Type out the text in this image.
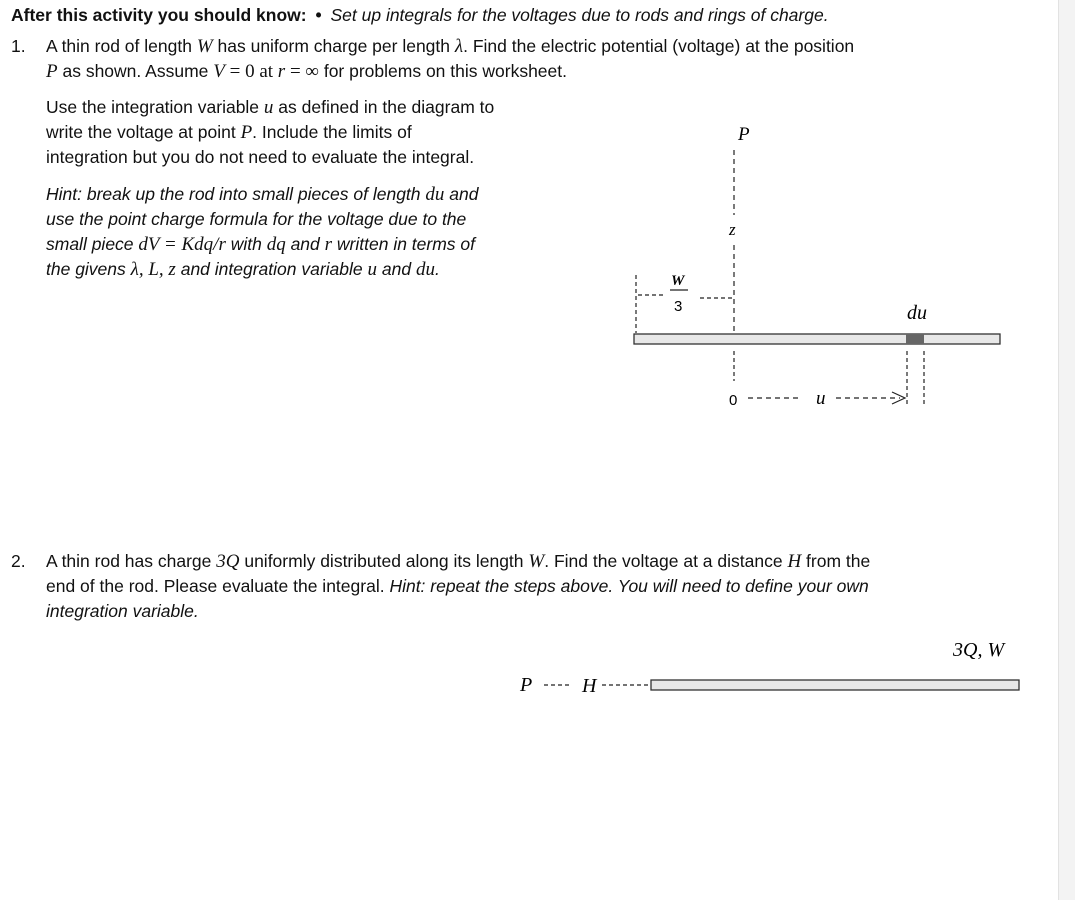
After this activity you should know: • Set up integrals for the voltages due to rods and rings of charge.
1. A thin rod of length W has uniform charge per length λ. Find the electric potential (voltage) at the position
P as shown. Assume V = 0 at r = ∞ for problems on this worksheet.
Use the integration variable u as defined in the diagram to
write the voltage at point P. Include the limits of
integration but you do not need to evaluate the integral.
Hint: break up the rod into small pieces of length du and
use the point charge formula for the voltage due to the
small piece dV = Kdq/r with dq and r written in terms of
the givens λ, L, z and integration variable u and du.
P
z
W
3	du
0	u
2. A thin rod has charge 3Q uniformly distributed along its length W. Find the voltage at a distance H from the
end of the rod. Please evaluate the integral. Hint: repeat the steps above. You will need to define your own
integration variable.
3Q, W
P H
